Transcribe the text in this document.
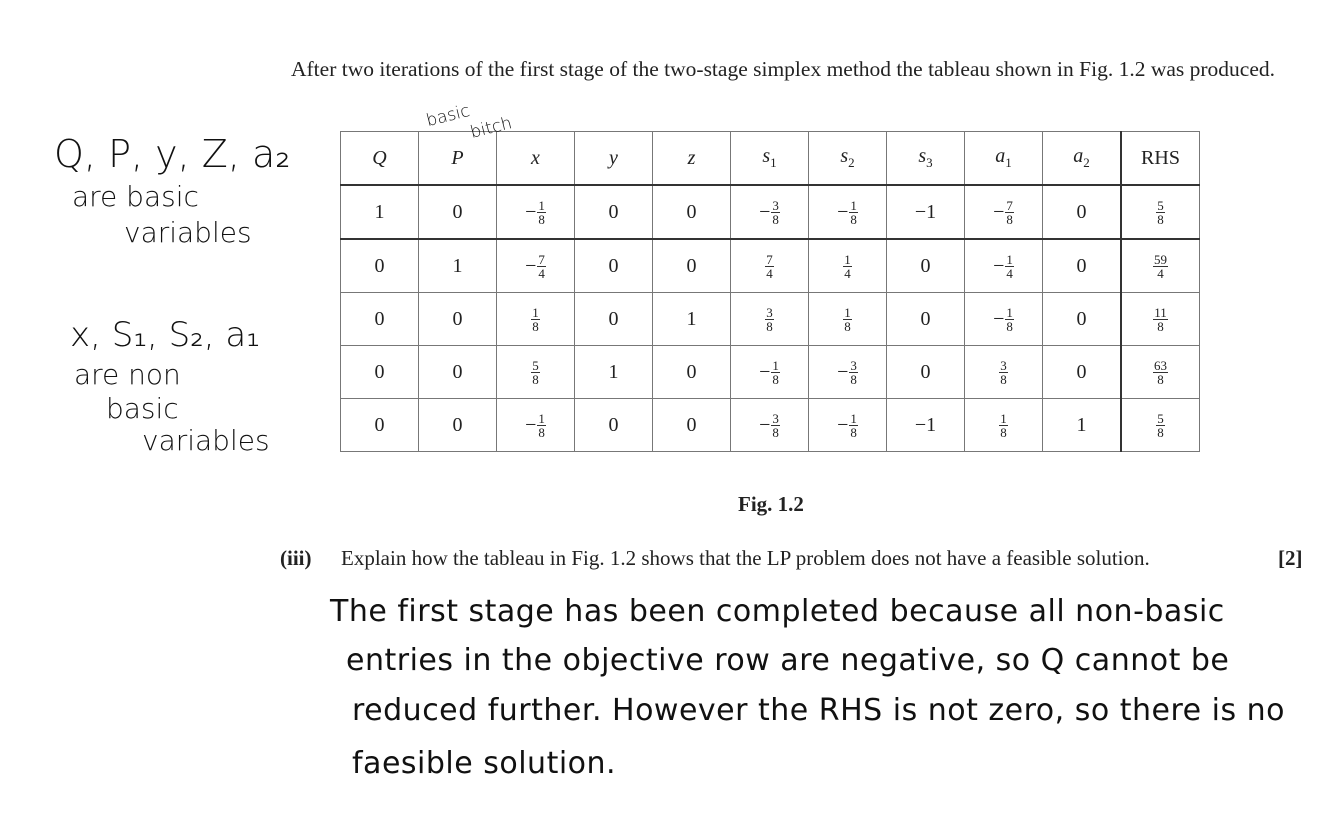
After two iterations of the first stage of the two-stage simplex method the tableau shown in Fig. 1.2 was produced.
Q	P	x	y	z	$s_1$	$s_2$	$s_3$	$a_1$	$a_2$	RHS
1	0	− $\frac{1}{8}$	0	0	− $\frac{3}{8}$	− $\frac{1}{8}$	−1	− $\frac{7}{8}$	0	$\frac{5}{8}$

0	1	− $\frac{7}{4}$	0	0	$\frac{7}{4}$	$\frac{1}{4}$	0	− $\frac{1}{4}$	0	$\frac{59}{4}$

0	0	$\frac{1}{8}$	0	1	$\frac{3}{8}$	$\frac{1}{8}$	0	− $\frac{1}{8}$	0	$\frac{11}{8}$

0	0	$\frac{5}{8}$	1	0	− $\frac{1}{8}$	− $\frac{3}{8}$	0	$\frac{3}{8}$	0	$\frac{63}{8}$

0	0	− $\frac{1}{8}$	0	0	− $\frac{3}{8}$	− $\frac{1}{8}$	−1	$\frac{1}{8}$	1	$\frac{5}{8}$
Fig. 1.2
(iii) Explain how the tableau in Fig. 1.2 shows that the LP problem does not have a feasible solution.	[2]
Q, P, y, Z, a₂
are basic
variables
x, S₁, S₂, a₁
are non
basic
variables
basic
bitch
The first stage has been completed because all non-basic
entries in the objective row are negative, so Q cannot be
reduced further. However the RHS is not zero, so there is no
faesible solution.
